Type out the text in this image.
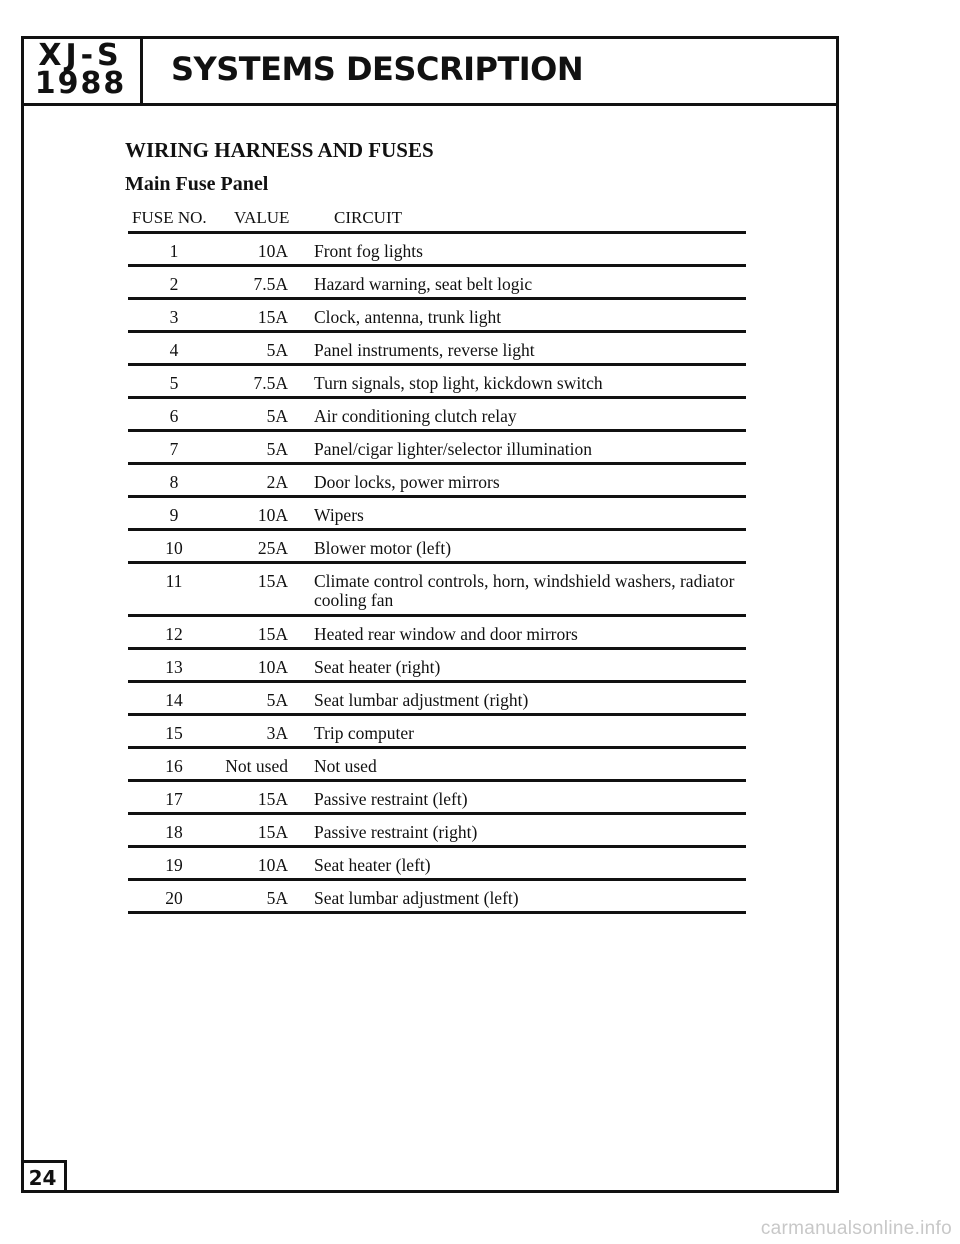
XJ-S
1988 SYSTEMS DESCRIPTION
WIRING HARNESS AND FUSES
Main Fuse Panel
FUSE NO.	VALUE	CIRCUIT
1	10A	Front fog lights
2	7.5A	Hazard warning, seat belt logic
3	15A	Clock, antenna, trunk light
4	5A	Panel instruments, reverse light
5	7.5A	Turn signals, stop light, kickdown switch
6	5A	Air conditioning clutch relay
7	5A	Panel/cigar lighter/selector illumination
8	2A	Door locks, power mirrors
9	10A	Wipers
10	25A	Blower motor (left)
11	15A	Climate control controls, horn, windshield washers, radiator cooling fan
12	15A	Heated rear window and door mirrors
13	10A	Seat heater (right)
14	5A	Seat lumbar adjustment (right)
15	3A	Trip computer
16	Not used	Not used
17	15A	Passive restraint (left)
18	15A	Passive restraint (right)
19	10A	Seat heater (left)
20	5A	Seat lumbar adjustment (left)
24
carmanualsonline.info
